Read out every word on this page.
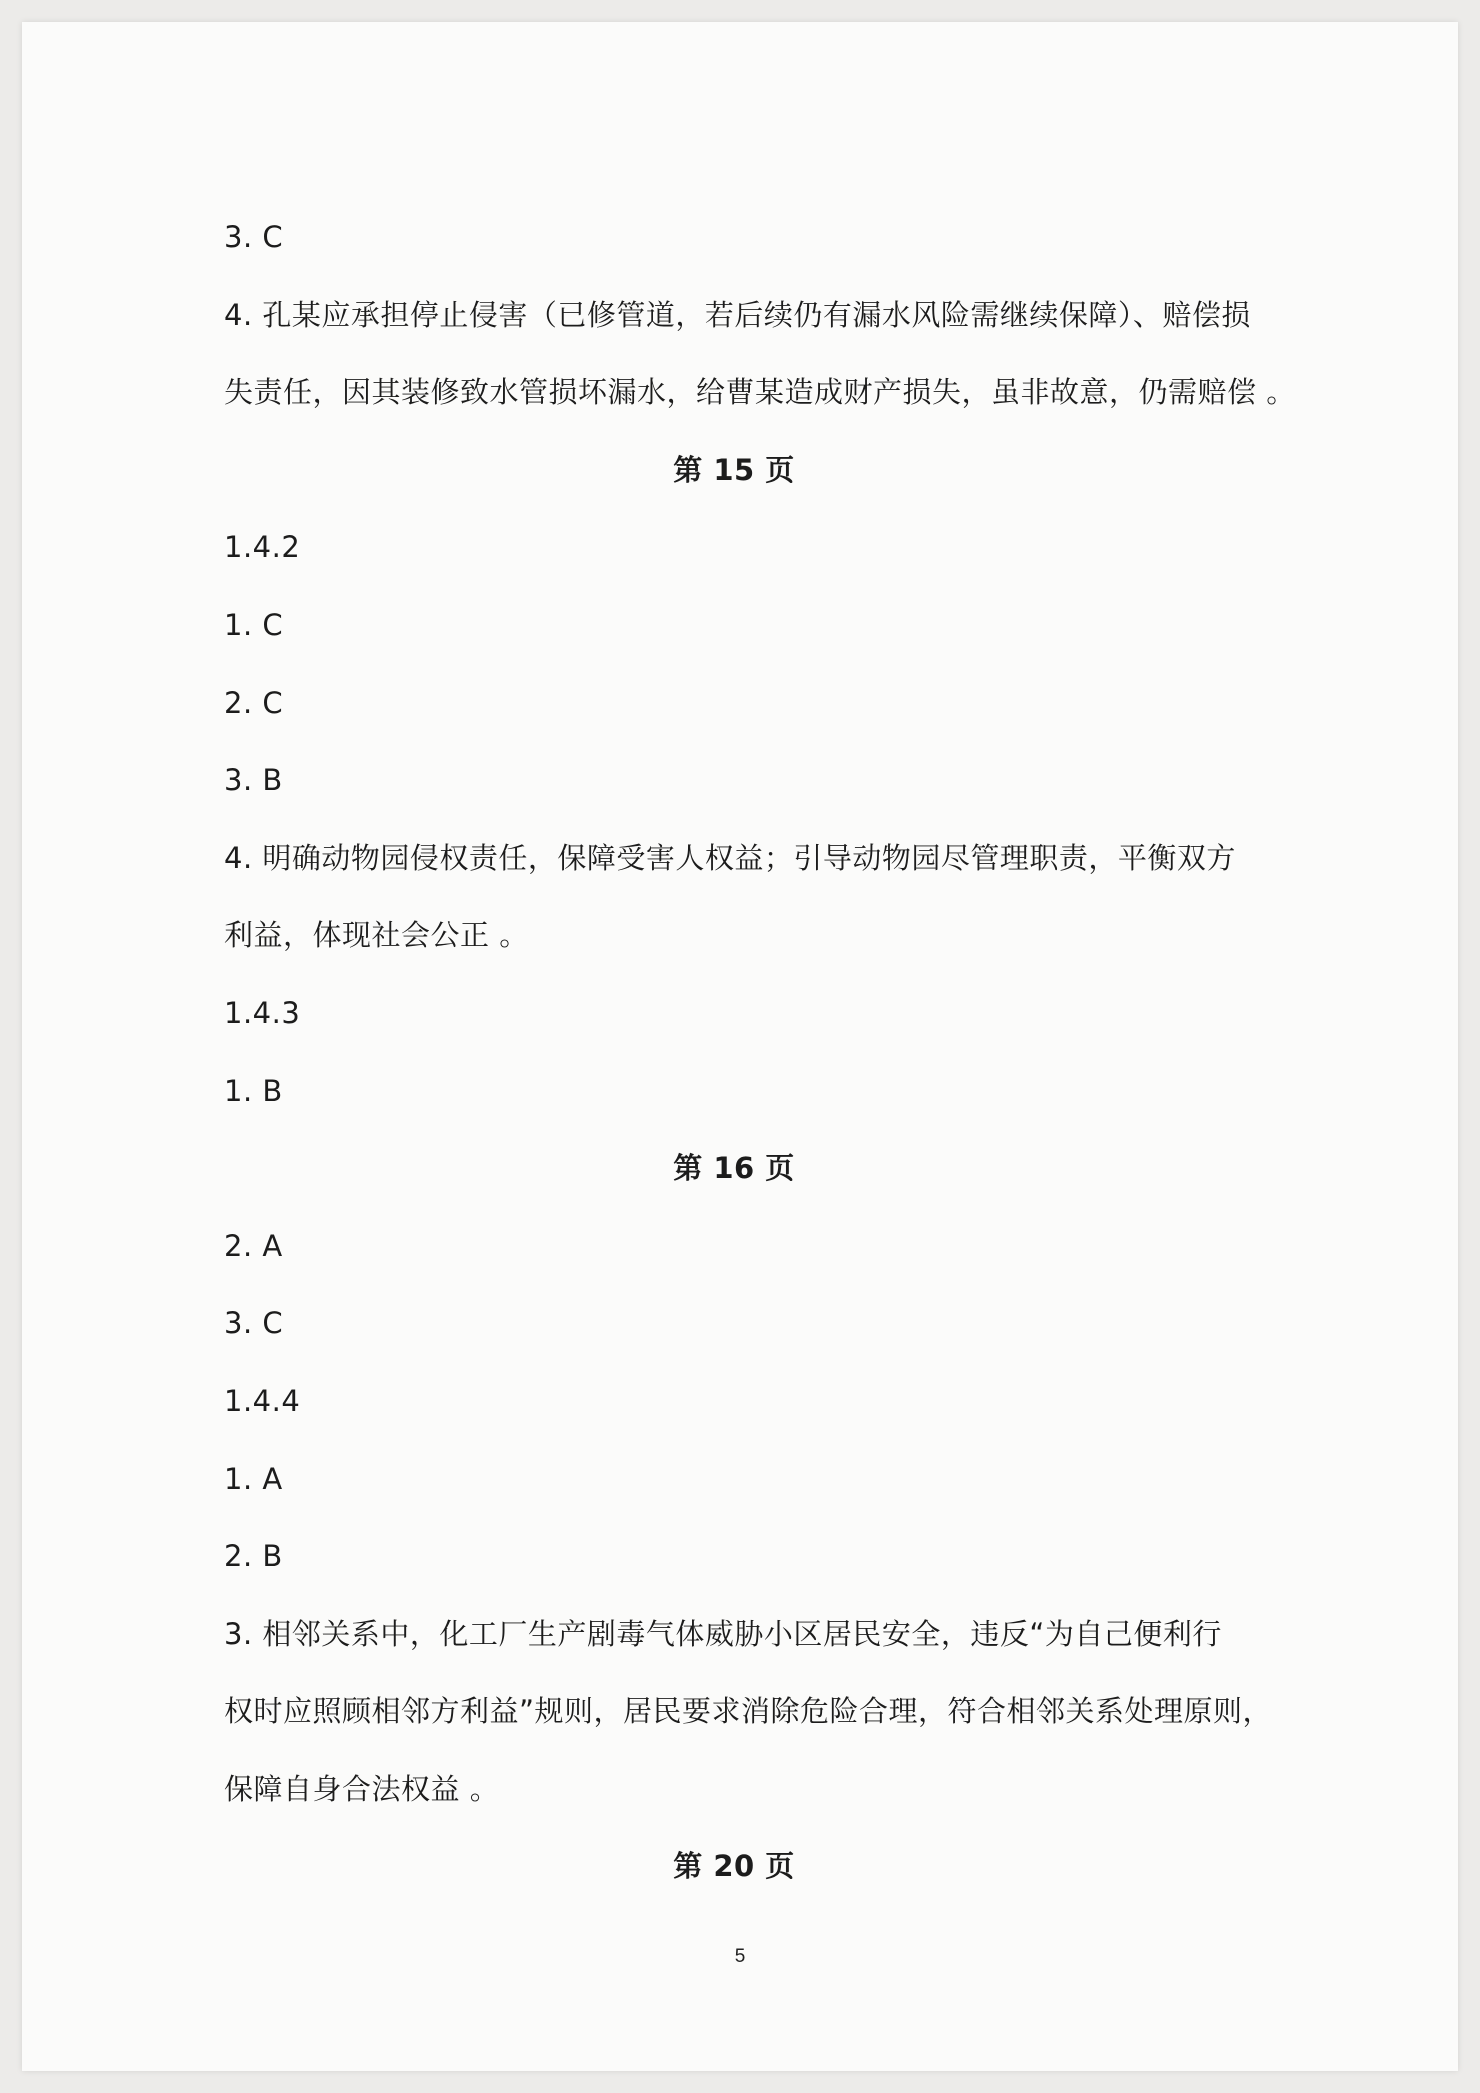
3. C
4. 孔某应承担停止侵害（已修管道，若后续仍有漏水风险需继续保障）、赔偿损
失责任，因其装修致水管损坏漏水，给曹某造成财产损失，虽非故意，仍需赔偿 。
第 15 页
1.4.2
1. C
2. C
3. B
4. 明确动物园侵权责任，保障受害人权益；引导动物园尽管理职责，平衡双方
利益，体现社会公正 。
1.4.3
1. B
第 16 页
2. A
3. C
1.4.4
1. A
2. B
3. 相邻关系中，化工厂生产剧毒气体威胁小区居民安全，违反“为自己便利行
权时应照顾相邻方利益”规则，居民要求消除危险合理，符合相邻关系处理原则，
保障自身合法权益 。
第 20 页
5
